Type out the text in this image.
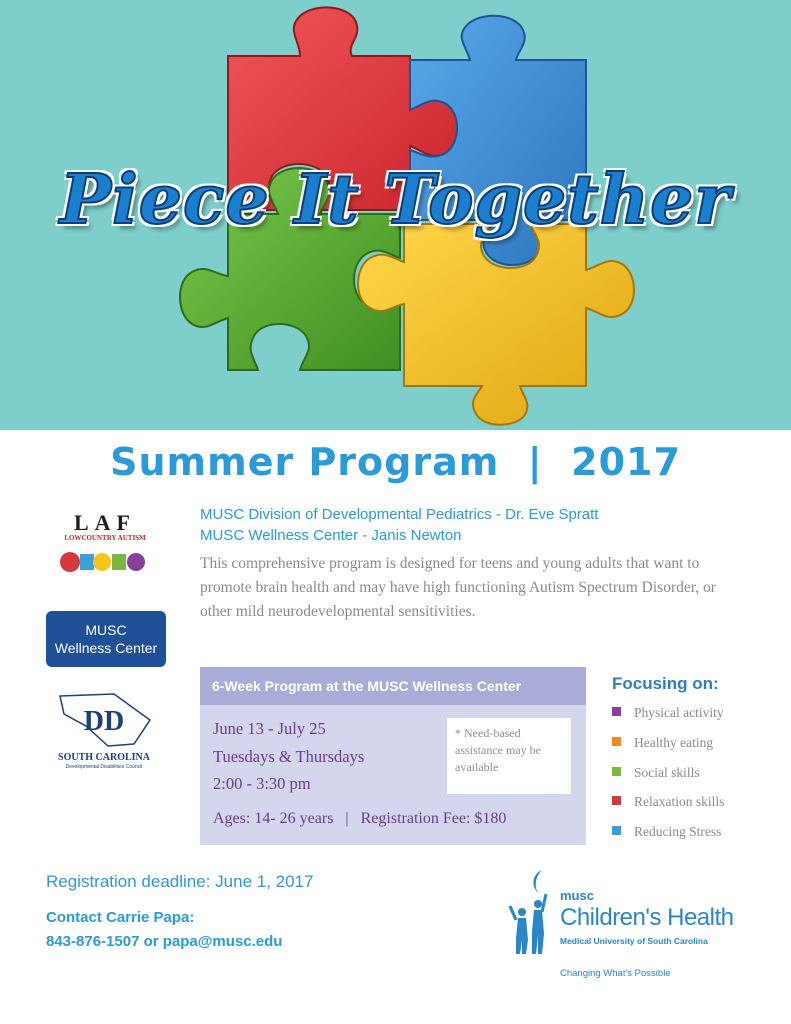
Piece It Together
Summer Program  |  2017
LAF
LOWCOUNTRY AUTISM
MUSC
Wellness Center
DD
SOUTH CAROLINA
Developmental Disabilities Council
MUSC Division of Developmental Pediatrics - Dr. Eve Spratt
MUSC Wellness Center - Janis Newton
This comprehensive program is designed for teens and young adults that want to promote brain health and may have high functioning Autism Spectrum Disorder, or other mild neurodevelopmental sensitivities.
6-Week Program at the MUSC Wellness Center
June 13 - July 25
Tuesdays & Thursdays
2:00 - 3:30 pm
* Need-based assistance may be available
Ages: 14- 26 years | Registration Fee: $180
Focusing on:
Physical activity
Healthy eating
Social skills
Relaxation skills
Reducing Stress
Registration deadline: June 1, 2017
Contact Carrie Papa:
843-876-1507 or papa@musc.edu
musc
Children's Health
Medical University of South Carolina
Changing What's Possible
